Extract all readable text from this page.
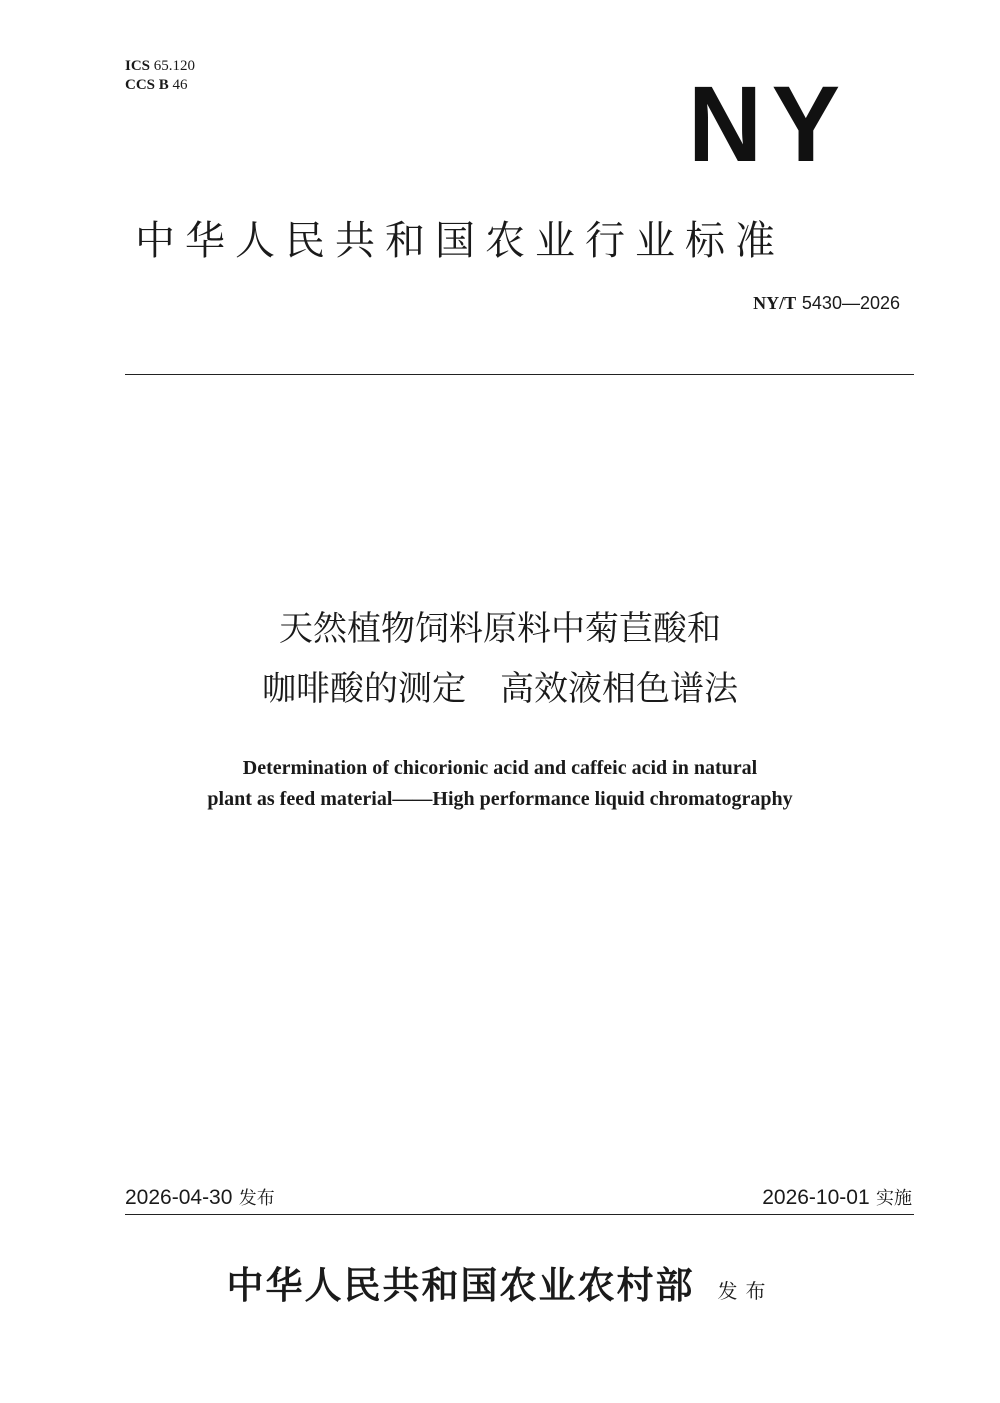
ICS 65.120
CCS B 46	NY
中华人民共和国农业行业标准
NY/T 5430—2026
天然植物饲料原料中菊苣酸和
咖啡酸的测定　高效液相色谱法
Determination of chicorionic acid and caffeic acid in natural
plant as feed material——High performance liquid chromatography
2026-04-30 发布	2026-10-01 实施
中华人民共和国农业农村部 发布
